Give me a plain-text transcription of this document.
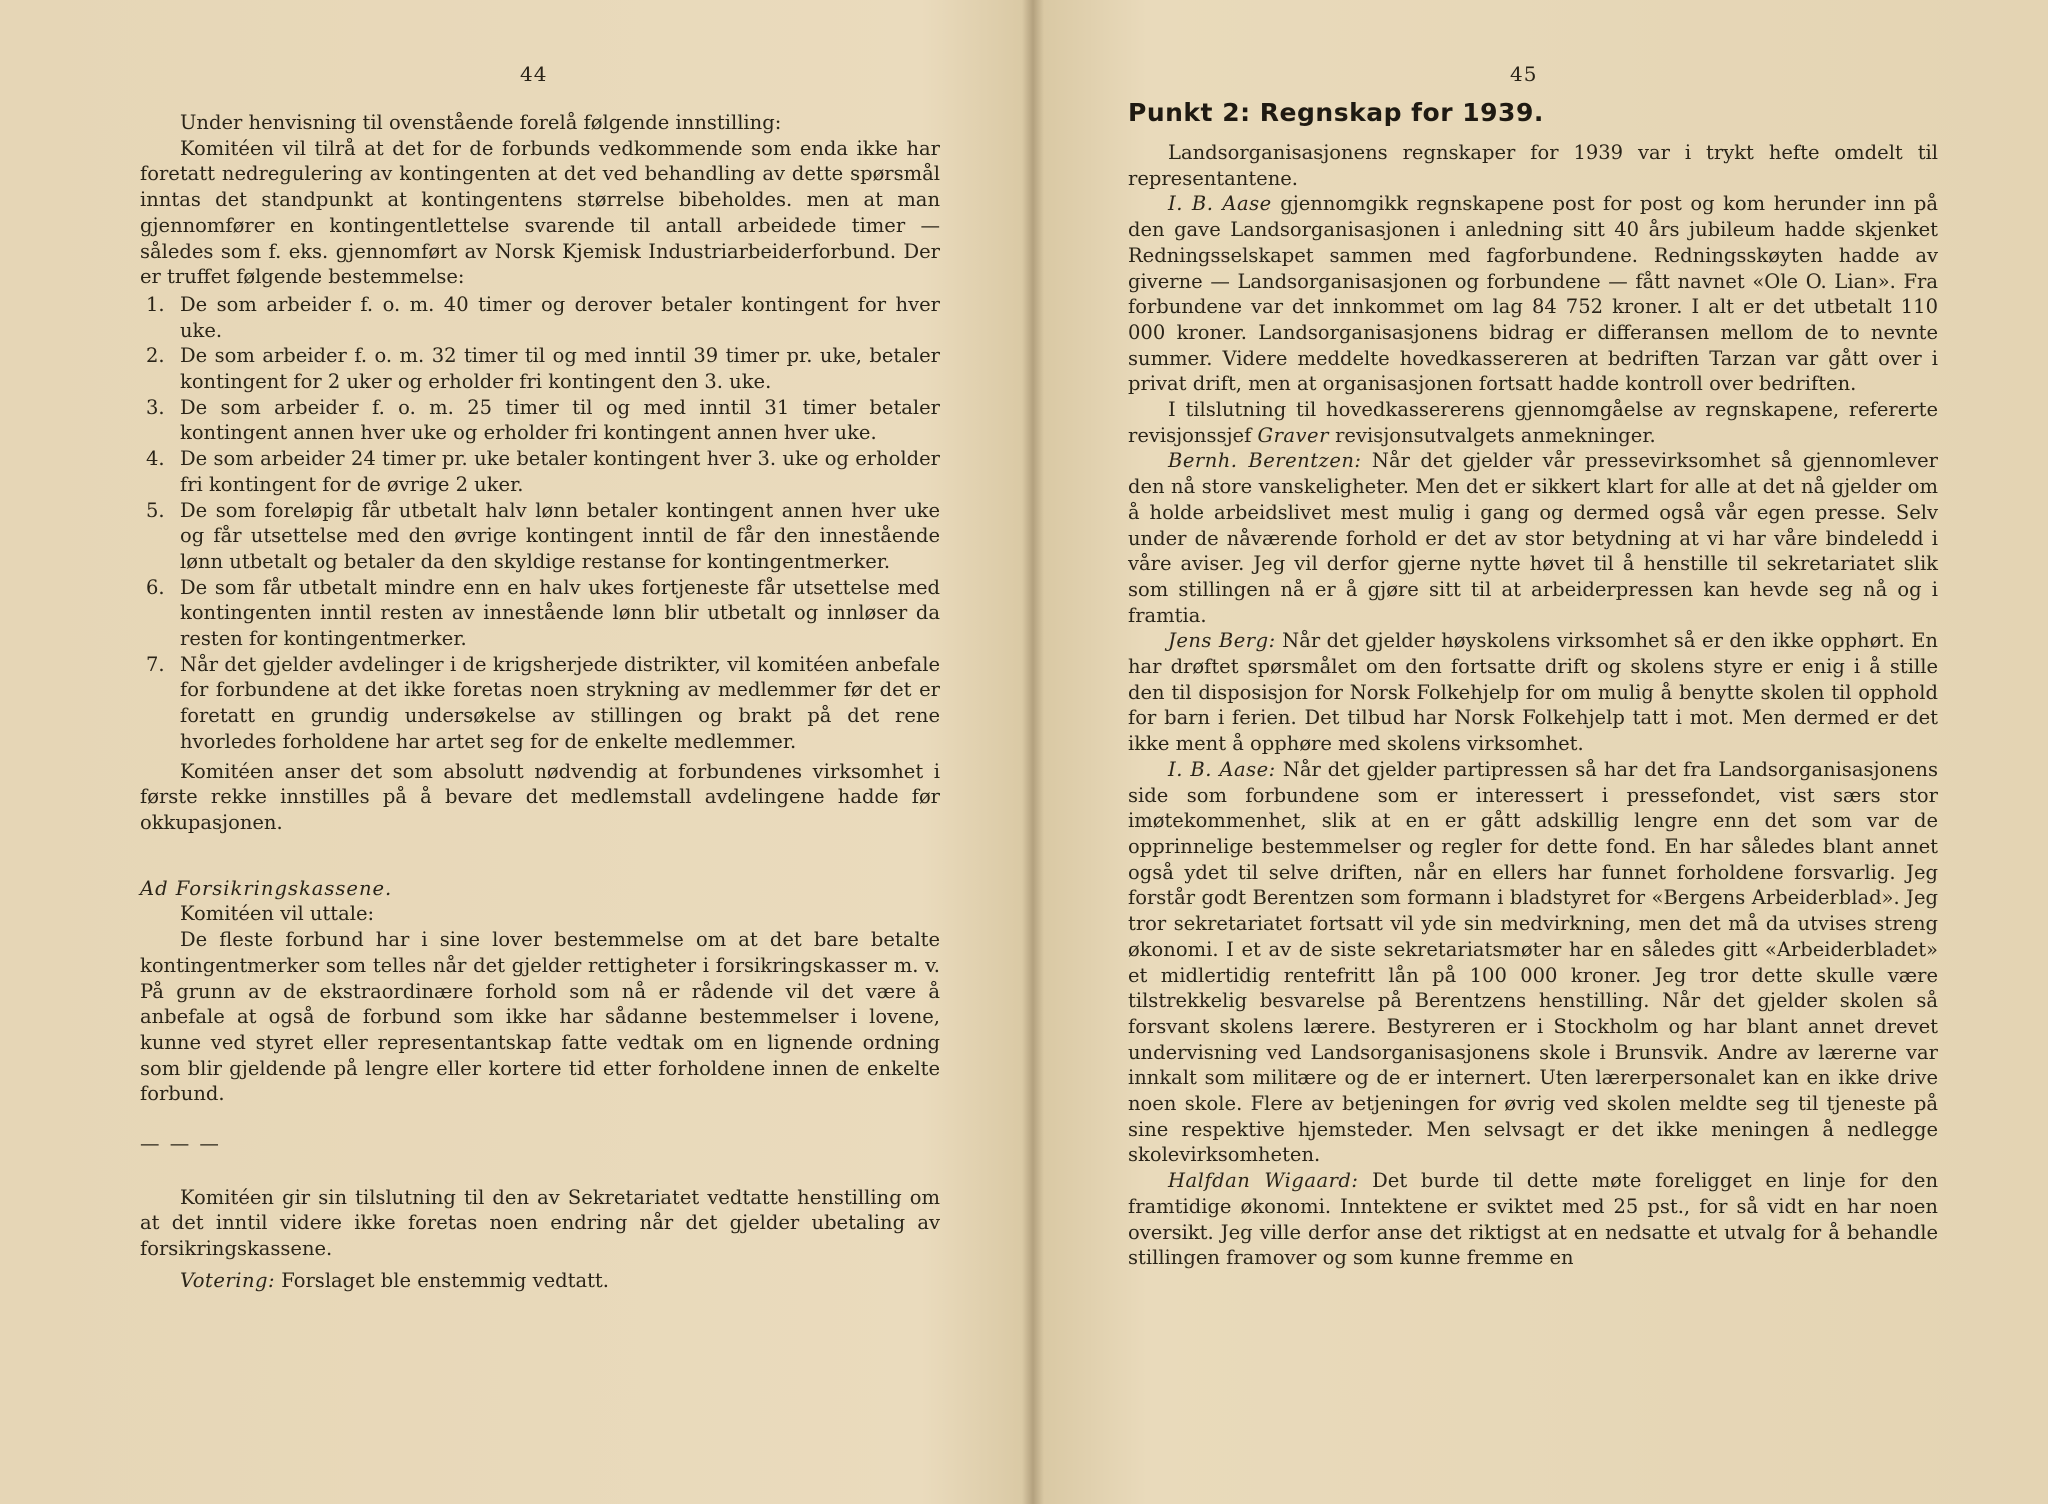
44

Under henvisning til ovenstående forelå følgende innstilling:

Komitéen vil tilrå at det for de forbunds vedkommende som enda ikke har foretatt nedregulering av kontingenten at det ved behandling av dette spørsmål inntas det standpunkt at kontingentens størrelse bibeholdes. men at man gjennomfører en kontingentlettelse svarende til antall arbeidede timer — således som f. eks. gjennomført av Norsk Kjemisk Industriarbeiderforbund. Der er truffet følgende bestemmelse:

1. De som arbeider f. o. m. 40 timer og derover betaler kontingent for hver uke.
2. De som arbeider f. o. m. 32 timer til og med inntil 39 timer pr. uke, betaler kontingent for 2 uker og erholder fri kontingent den 3. uke.
3. De som arbeider f. o. m. 25 timer til og med inntil 31 timer betaler kontingent annen hver uke og erholder fri kontingent annen hver uke.
4. De som arbeider 24 timer pr. uke betaler kontingent hver 3. uke og erholder fri kontingent for de øvrige 2 uker.
5. De som foreløpig får utbetalt halv lønn betaler kontingent annen hver uke og får utsettelse med den øvrige kontingent inntil de får den innestående lønn utbetalt og betaler da den skyldige restanse for kontingentmerker.
6. De som får utbetalt mindre enn en halv ukes fortjeneste får utsettelse med kontingenten inntil resten av innestående lønn blir utbetalt og innløser da resten for kontingentmerker.
7. Når det gjelder avdelinger i de krigsherjede distrikter, vil komitéen anbefale for forbundene at det ikke foretas noen strykning av medlemmer før det er foretatt en grundig undersøkelse av stillingen og brakt på det rene hvorledes forholdene har artet seg for de enkelte medlemmer.

Komitéen anser det som absolutt nødvendig at forbundenes virksomhet i første rekke innstilles på å bevare det medlemstall avdelingene hadde før okkupasjonen.

Ad Forsikringskassene.

Komitéen vil uttale:

De fleste forbund har i sine lover bestemmelse om at det bare betalte kontingentmerker som telles når det gjelder rettigheter i forsikringskasser m. v. På grunn av de ekstraordinære forhold som nå er rådende vil det være å anbefale at også de forbund som ikke har sådanne bestemmelser i lovene, kunne ved styret eller representantskap fatte vedtak om en lignende ordning som blir gjeldende på lengre eller kortere tid etter forholdene innen de enkelte forbund.

— — —

Komitéen gir sin tilslutning til den av Sekretariatet vedtatte henstilling om at det inntil videre ikke foretas noen endring når det gjelder ubetaling av forsikringskassene.

Votering: Forslaget ble enstemmig vedtatt.

45
Punkt 2: Regnskap for 1939.

Landsorganisasjonens regnskaper for 1939 var i trykt hefte omdelt til representantene.

I. B. Aase gjennomgikk regnskapene post for post og kom herunder inn på den gave Landsorganisasjonen i anledning sitt 40 års jubileum hadde skjenket Redningsselskapet sammen med fagforbundene. Redningsskøyten hadde av giverne — Landsorganisasjonen og forbundene — fått navnet «Ole O. Lian». Fra forbundene var det innkommet om lag 84 752 kroner. I alt er det utbetalt 110 000 kroner. Landsorganisasjonens bidrag er differansen mellom de to nevnte summer. Videre meddelte hovedkassereren at bedriften Tarzan var gått over i privat drift, men at organisasjonen fortsatt hadde kontroll over bedriften.

I tilslutning til hovedkassererens gjennomgåelse av regnskapene, refererte revisjonssjef Graver revisjonsutvalgets anmekninger.

Bernh. Berentzen: Når det gjelder vår pressevirksomhet så gjennomlever den nå store vanskeligheter. Men det er sikkert klart for alle at det nå gjelder om å holde arbeidslivet mest mulig i gang og dermed også vår egen presse. Selv under de nåværende forhold er det av stor betydning at vi har våre bindeledd i våre aviser. Jeg vil derfor gjerne nytte høvet til å henstille til sekretariatet slik som stillingen nå er å gjøre sitt til at arbeiderpressen kan hevde seg nå og i framtia.

Jens Berg: Når det gjelder høyskolens virksomhet så er den ikke opphørt. En har drøftet spørsmålet om den fortsatte drift og skolens styre er enig i å stille den til disposisjon for Norsk Folkehjelp for om mulig å benytte skolen til opphold for barn i ferien. Det tilbud har Norsk Folkehjelp tatt i mot. Men dermed er det ikke ment å opphøre med skolens virksomhet.

I. B. Aase: Når det gjelder partipressen så har det fra Landsorganisasjonens side som forbundene som er interessert i pressefondet, vist særs stor imøtekommenhet, slik at en er gått adskillig lengre enn det som var de opprinnelige bestemmelser og regler for dette fond. En har således blant annet også ydet til selve driften, når en ellers har funnet forholdene forsvarlig. Jeg forstår godt Berentzen som formann i bladstyret for «Bergens Arbeiderblad». Jeg tror sekretariatet fortsatt vil yde sin medvirkning, men det må da utvises streng økonomi. I et av de siste sekretariatsmøter har en således gitt «Arbeiderbladet» et midlertidig rentefritt lån på 100 000 kroner. Jeg tror dette skulle være tilstrekkelig besvarelse på Berentzens henstilling. Når det gjelder skolen så forsvant skolens lærere. Bestyreren er i Stockholm og har blant annet drevet undervisning ved Landsorganisasjonens skole i Brunsvik. Andre av lærerne var innkalt som militære og de er internert. Uten lærerpersonalet kan en ikke drive noen skole. Flere av betjeningen for øvrig ved skolen meldte seg til tjeneste på sine respektive hjemsteder. Men selvsagt er det ikke meningen å nedlegge skolevirksomheten.

Halfdan Wigaard: Det burde til dette møte foreligget en linje for den framtidige økonomi. Inntektene er sviktet med 25 pst., for så vidt en har noen oversikt. Jeg ville derfor anse det riktigst at en nedsatte et utvalg for å behandle stillingen framover og som kunne fremme en
